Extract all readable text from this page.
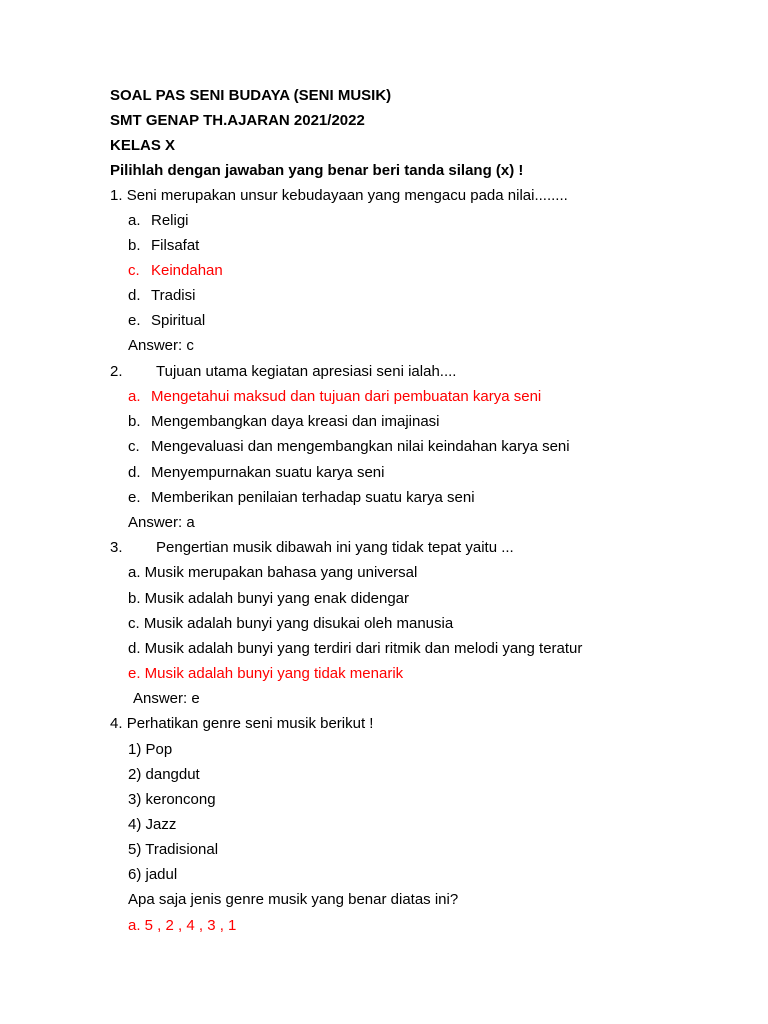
SOAL PAS SENI BUDAYA (SENI MUSIK)
SMT GENAP TH.AJARAN 2021/2022
KELAS X
Pilihlah dengan jawaban yang benar beri tanda silang (x) !
1. Seni merupakan unsur kebudayaan yang mengacu pada nilai........
a. Religi
b. Filsafat
c. Keindahan
d. Tradisi
e. Spiritual
Answer: c
2. Tujuan utama kegiatan apresiasi seni ialah....
a. Mengetahui maksud dan tujuan dari pembuatan karya seni
b. Mengembangkan daya kreasi dan imajinasi
c. Mengevaluasi dan mengembangkan nilai keindahan karya seni
d. Menyempurnakan suatu karya seni
e. Memberikan penilaian terhadap suatu karya seni
Answer: a
3. Pengertian musik dibawah ini yang tidak tepat yaitu ...
a. Musik merupakan bahasa yang universal
b. Musik adalah bunyi yang enak didengar
c. Musik adalah bunyi yang disukai oleh manusia
d. Musik adalah bunyi yang terdiri dari ritmik dan melodi yang teratur
e. Musik adalah bunyi yang tidak menarik
Answer: e
4. Perhatikan genre seni musik berikut !
1) Pop
2) dangdut
3) keroncong
4) Jazz
5) Tradisional
6) jadul
Apa saja jenis genre musik yang benar diatas ini?
a. 5 , 2 , 4 , 3 , 1
